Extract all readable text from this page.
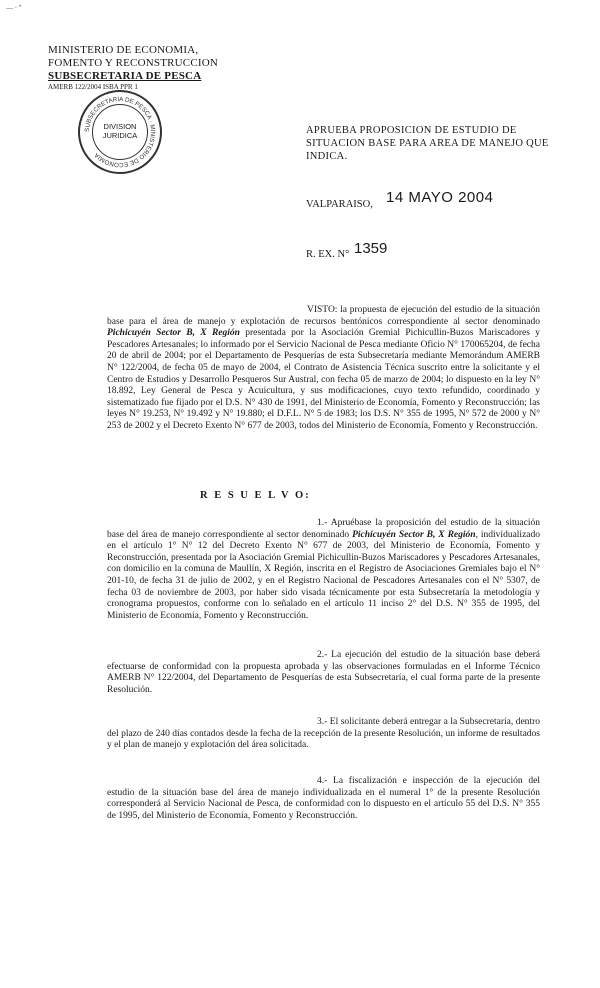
— · ''
MINISTERIO DE ECONOMIA,
FOMENTO Y RECONSTRUCCION
SUBSECRETARIA DE PESCA
AMERB 122/2004 ISBA PPR 1
SUBSECRETARIA DE PESCA · MINISTERIO DE ECONOMIA
DIVISION
JURIDICA	APRUEBA PROPOSICION DE ESTUDIO DE SITUACION BASE PARA AREA DE MANEJO QUE INDICA.
VALPARAISO, 14 MAYO 2004
R. EX. N° 1359
VISTO: la propuesta de ejecución del estudio de la situación base para el área de manejo y explotación de recursos bentónicos correspondiente al sector denominado Pichicuyén Sector B, X Región presentada por la Asociación Gremial Pichicullin-Buzos Mariscadores y Pescadores Artesanales; lo informado por el Servicio Nacional de Pesca mediante Oficio N° 170065204, de fecha 20 de abril de 2004; por el Departamento de Pesquerías de esta Subsecretaría mediante Memorándum AMERB N° 122/2004, de fecha 05 de mayo de 2004, el Contrato de Asistencia Técnica suscrito entre la solicitante y el Centro de Estudios y Desarrollo Pesqueros Sur Austral, con fecha 05 de marzo de 2004; lo dispuesto en la ley N° 18.892, Ley General de Pesca y Acuicultura, y sus modificaciones, cuyo texto refundido, coordinado y sistematizado fue fijado por el D.S. N° 430 de 1991, del Ministerio de Economía, Fomento y Reconstrucción; las leyes N° 19.253, N° 19.492 y N° 19.880; el D.F.L. N° 5 de 1983; los D.S. N° 355 de 1995, N° 572 de 2000 y N° 253 de 2002 y el Decreto Exento N° 677 de 2003, todos del Ministerio de Economía, Fomento y Reconstrucción.
R E S U E L V O:
1.- Apruébase la proposición del estudio de la situación base del área de manejo correspondiente al sector denominado Pichicuyén Sector B, X Región, individualizado en el artículo 1° N° 12 del Decreto Exento N° 677 de 2003, del Ministerio de Economía, Fomento y Reconstrucción, presentada por la Asociación Gremial Pichicullin-Buzos Mariscadores y Pescadores Artesanales, con domicilio en la comuna de Maullín, X Región, inscrita en el Registro de Asociaciones Gremiales bajo el N° 201-10, de fecha 31 de julio de 2002, y en el Registro Nacional de Pescadores Artesanales con el N° 5307, de fecha 03 de noviembre de 2003, por haber sido visada técnicamente por esta Subsecretaría la metodología y cronograma propuestos, conforme con lo señalado en el artículo 11 inciso 2° del D.S. N° 355 de 1995, del Ministerio de Economía, Fomento y Reconstrucción.
2.- La ejecución del estudio de la situación base deberá efectuarse de conformidad con la propuesta aprobada y las observaciones formuladas en el Informe Técnico AMERB N° 122/2004, del Departamento de Pesquerías de esta Subsecretaría, el cual forma parte de la presente Resolución.
3.- El solicitante deberá entregar a la Subsecretaría, dentro del plazo de 240 días contados desde la fecha de la recepción de la presente Resolución, un informe de resultados y el plan de manejo y explotación del área solicitada.
4.- La fiscalización e inspección de la ejecución del estudio de la situación base del área de manejo individualizada en el numeral 1° de la presente Resolución corresponderá al Servicio Nacional de Pesca, de conformidad con lo dispuesto en el artículo 55 del D.S. N° 355 de 1995, del Ministerio de Economía, Fomento y Reconstrucción.
